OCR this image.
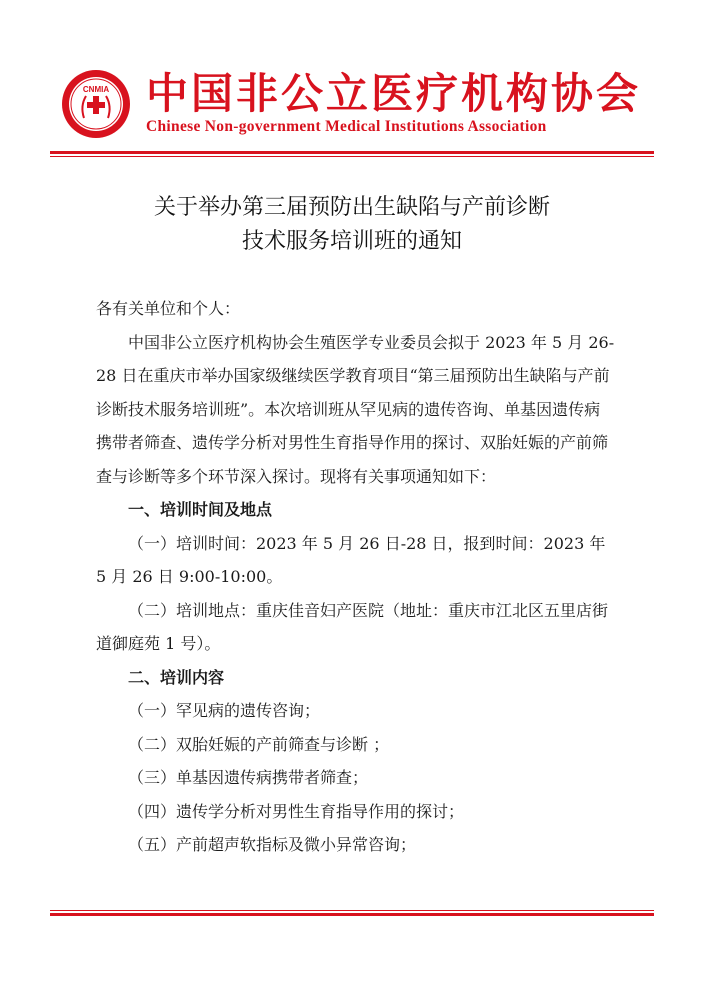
CNMIA 中国非公立医疗机构协会
Chinese Non-government Medical Institutions Association
关于举办第三届预防出生缺陷与产前诊断
技术服务培训班的通知

各有关单位和个人：

中国非公立医疗机构协会生殖医学专业委员会拟于 2023 年 5 月 26-28 日在重庆市举办国家级继续医学教育项目“第三届预防出生缺陷与产前诊断技术服务培训班”。本次培训班从罕见病的遗传咨询、单基因遗传病携带者筛查、遗传学分析对男性生育指导作用的探讨、双胎妊娠的产前筛查与诊断等多个环节深入探讨。现将有关事项通知如下：

一、培训时间及地点

（一）培训时间：2023 年 5 月 26 日-28 日，报到时间：2023 年 5 月 26 日 9:00-10:00。

（二）培训地点：重庆佳音妇产医院（地址：重庆市江北区五里店街道御庭苑 1 号）。

二、培训内容

（一）罕见病的遗传咨询；

（二）双胎妊娠的产前筛查与诊断 ；

（三）单基因遗传病携带者筛查；

（四）遗传学分析对男性生育指导作用的探讨；

（五）产前超声软指标及微小异常咨询；
